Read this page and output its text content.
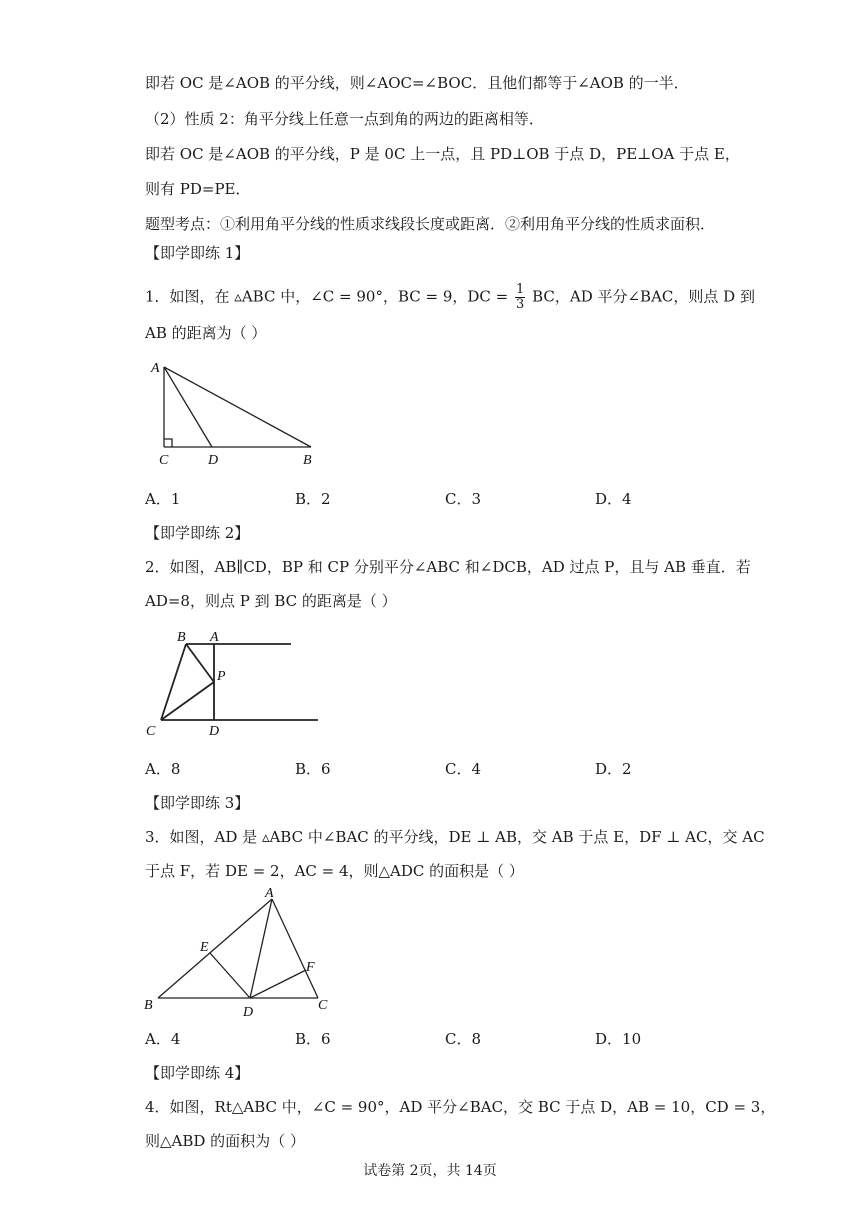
即若 OC 是∠AOB 的平分线，则∠AOC=∠BOC．且他们都等于∠AOB 的一半．
（2）性质 2：角平分线上任意一点到角的两边的距离相等．
即若 OC 是∠AOB 的平分线，P 是 0C 上一点，且 PD⊥OB 于点 D，PE⊥OA 于点 E，
则有 PD=PE．
题型考点：①利用角平分线的性质求线段长度或距离．②利用角平分线的性质求面积．
【即学即练 1】
1．如图，在 ▵ABC 中，∠C = 90°，BC = 9，DC = $\frac{1}{3}$ BC，AD 平分∠BAC，则点 D 到
AB 的距离为（ ）
A
C	D	B
A．1	B．2	C．3	D．4
【即学即练 2】
2．如图，AB∥CD，BP 和 CP 分别平分∠ABC 和∠DCB，AD 过点 P，且与 AB 垂直．若
AD=8，则点 P 到 BC 的距离是（ ）
B A
P
C	D
A．8	B．6	C．4	D．2
【即学即练 3】
3．如图，AD 是 ▵ABC 中∠BAC 的平分线，DE ⊥ AB，交 AB 于点 E，DF ⊥ AC，交 AC
于点 F，若 DE = 2，AC = 4，则△ADC 的面积是（ ）
A
E
F
B	D	C
A．4	B．6	C．8	D．10
【即学即练 4】
4．如图，Rt△ABC 中，∠C = 90°，AD 平分∠BAC，交 BC 于点 D，AB = 10，CD = 3，
则△ABD 的面积为（ ）
试卷第 2页，共 14页
